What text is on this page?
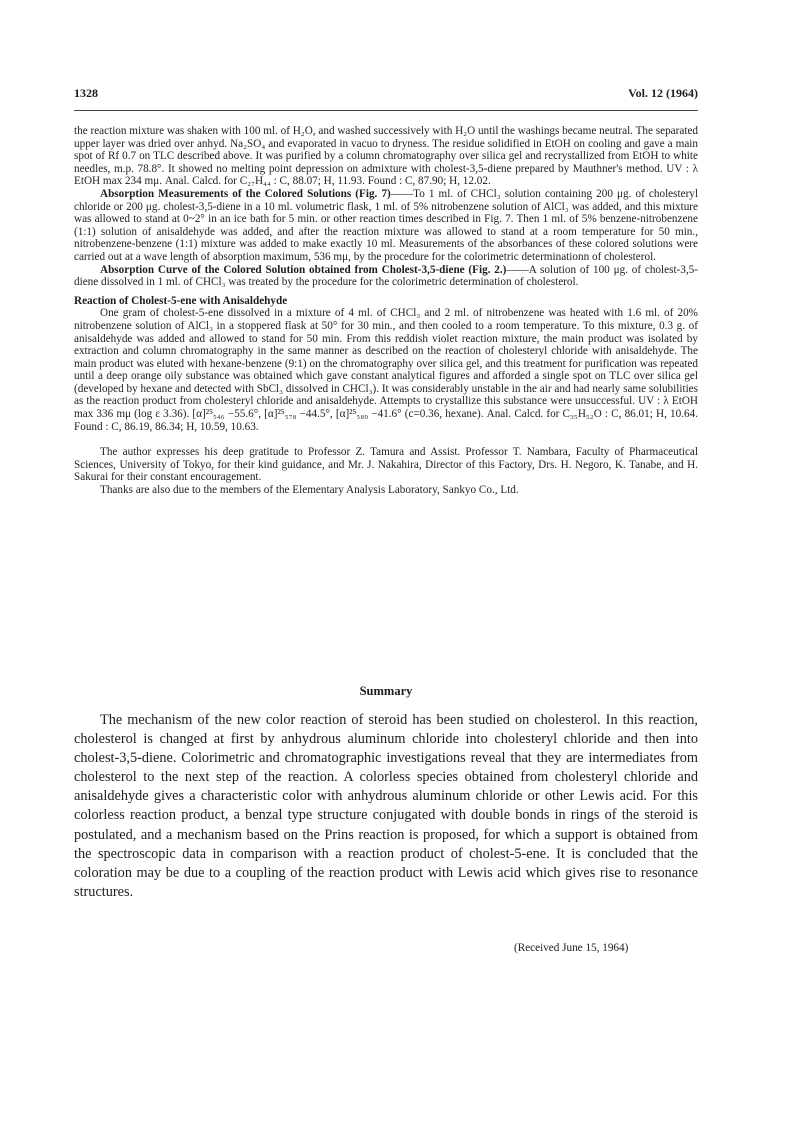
1328	Vol. 12 (1964)

the reaction mixture was shaken with 100 ml. of H₂O, and washed successively with H₂O until the washings became neutral. The separated upper layer was dried over anhyd. Na₂SO₄ and evaporated in vacuo to dryness. The residue solidified in EtOH on cooling and gave a main spot of Rf 0.7 on TLC described above. It was purified by a column chromatography over silica gel and recrystallized from EtOH to white needles, m.p. 78.8°. It showed no melting point depression on admixture with cholest-3,5-diene prepared by Mauthner's method. UV : λ EtOH max 234 mμ. Anal. Calcd. for C₂₇H₄₄ : C, 88.07; H, 11.93. Found : C, 87.90; H, 12.02.

Absorption Measurements of the Colored Solutions (Fig. 7)——To 1 ml. of CHCl₃ solution containing 200 μg. of cholesteryl chloride or 200 μg. cholest-3,5-diene in a 10 ml. volumetric flask, 1 ml. of 5% nitrobenzene solution of AlCl₃ was added, and this mixture was allowed to stand at 0~2° in an ice bath for 5 min. or other reaction times described in Fig. 7. Then 1 ml. of 5% benzene-nitrobenzene (1:1) solution of anisaldehyde was added, and after the reaction mixture was allowed to stand at a room temperature for 50 min., nitrobenzene-benzene (1:1) mixture was added to make exactly 10 ml. Measurements of the absorbances of these colored solutions were carried out at a wave length of absorption maximum, 536 mμ, by the procedure for the colorimetric determinationn of cholesterol.

Absorption Curve of the Colored Solution obtained from Cholest-3,5-diene (Fig. 2.)——A solution of 100 μg. of cholest-3,5-diene dissolved in 1 ml. of CHCl₃ was treated by the procedure for the colorimetric determination of cholesterol.

Reaction of Cholest-5-ene with Anisaldehyde

One gram of cholest-5-ene dissolved in a mixture of 4 ml. of CHCl₃ and 2 ml. of nitrobenzene was heated with 1.6 ml. of 20% nitrobenzene solution of AlCl₃ in a stoppered flask at 50° for 30 min., and then cooled to a room temperature. To this mixture, 0.3 g. of anisaldehyde was added and allowed to stand for 50 min. From this reddish violet reaction mixture, the main product was isolated by extraction and column chromatography in the same manner as described on the reaction of cholesteryl chloride with anisaldehyde. The main product was eluted with hexane-benzene (9:1) on the chromatography over silica gel, and this treatment for purification was repeated until a deep orange oily substance was obtained which gave constant analytical figures and afforded a single spot on TLC over silica gel (developed by hexane and detected with SbCl₃ dissolved in CHCl₃). It was considerably unstable in the air and had nearly same solubilities as the reaction product from cholesteryl chloride and anisaldehyde. Attempts to crystallize this substance were unsuccessful. UV : λ EtOH max 336 mμ (log ε 3.36). [α]²⁵₅₄₆ −55.6°, [α]²⁵₅₇₈ −44.5°, [α]²⁵₅₈₉ −41.6° (c=0.36, hexane). Anal. Calcd. for C₃₅H₅₂O : C, 86.01; H, 10.64. Found : C, 86.19, 86.34; H, 10.59, 10.63.

The author expresses his deep gratitude to Professor Z. Tamura and Assist. Professor T. Nambara, Faculty of Pharmaceutical Sciences, University of Tokyo, for their kind guidance, and Mr. J. Nakahira, Director of this Factory, Drs. H. Negoro, K. Tanabe, and H. Sakurai for their constant encouragement.

Thanks are also due to the members of the Elementary Analysis Laboratory, Sankyo Co., Ltd.

Summary

The mechanism of the new color reaction of steroid has been studied on cholesterol. In this reaction, cholesterol is changed at first by anhydrous aluminum chloride into cholesteryl chloride and then into cholest-3,5-diene. Colorimetric and chromatographic investigations reveal that they are intermediates from cholesterol to the next step of the reaction. A colorless species obtained from cholesteryl chloride and anisaldehyde gives a characteristic color with anhydrous aluminum chloride or other Lewis acid. For this colorless reaction product, a benzal type structure conjugated with double bonds in rings of the steroid is postulated, and a mechanism based on the Prins reaction is proposed, for which a support is obtained from the spectroscopic data in comparison with a reaction product of cholest-5-ene. It is concluded that the coloration may be due to a coupling of the reaction product with Lewis acid which gives rise to resonance structures.

(Received June 15, 1964)
